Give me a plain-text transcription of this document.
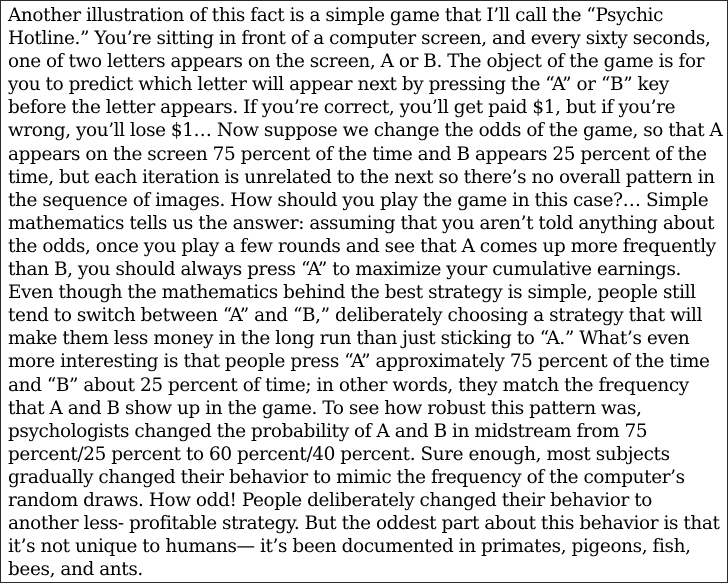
Another illustration of this fact is a simple game that I’ll call the “Psychic
Hotline.” You’re sitting in front of a computer screen, and every sixty seconds,
one of two letters appears on the screen, A or B. The object of the game is for
you to predict which letter will appear next by pressing the “A” or “B” key
before the letter appears. If you’re correct, you’ll get paid $1, but if you’re
wrong, you’ll lose $1… Now suppose we change the odds of the game, so that A
appears on the screen 75 percent of the time and B appears 25 percent of the
time, but each iteration is unrelated to the next so there’s no overall pattern in
the sequence of images. How should you play the game in this case?… Simple
mathematics tells us the answer: assuming that you aren’t told anything about
the odds, once you play a few rounds and see that A comes up more frequently
than B, you should always press “A” to maximize your cumulative earnings.
Even though the mathematics behind the best strategy is simple, people still
tend to switch between “A” and “B,” deliberately choosing a strategy that will
make them less money in the long run than just sticking to “A.” What’s even
more interesting is that people press “A” approximately 75 percent of the time
and “B” about 25 percent of time; in other words, they match the frequency
that A and B show up in the game. To see how robust this pattern was,
psychologists changed the probability of A and B in midstream from 75
percent/25 percent to 60 percent/40 percent. Sure enough, most subjects
gradually changed their behavior to mimic the frequency of the computer’s
random draws. How odd! People deliberately changed their behavior to
another less- profitable strategy. But the oddest part about this behavior is that
it’s not unique to humans— it’s been documented in primates, pigeons, fish,
bees, and ants.
